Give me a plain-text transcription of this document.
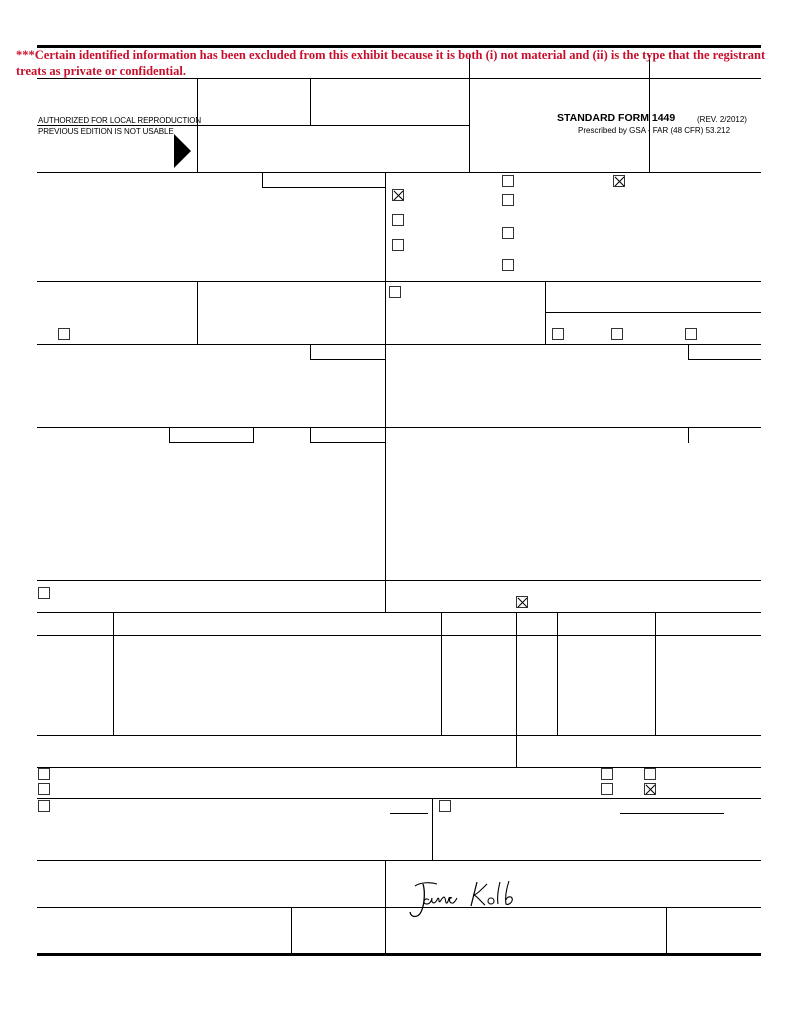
***Certain identified information has been excluded from this exhibit because it is both (i) not material and (ii) is the type that the registrant treats as private or confidential.
AUTHORIZED FOR LOCAL REPRODUCTION
PREVIOUS EDITION IS NOT USABLE
STANDARD FORM 1449	(REV. 2/2012)
Prescribed by GSA - FAR (48 CFR) 53.212
